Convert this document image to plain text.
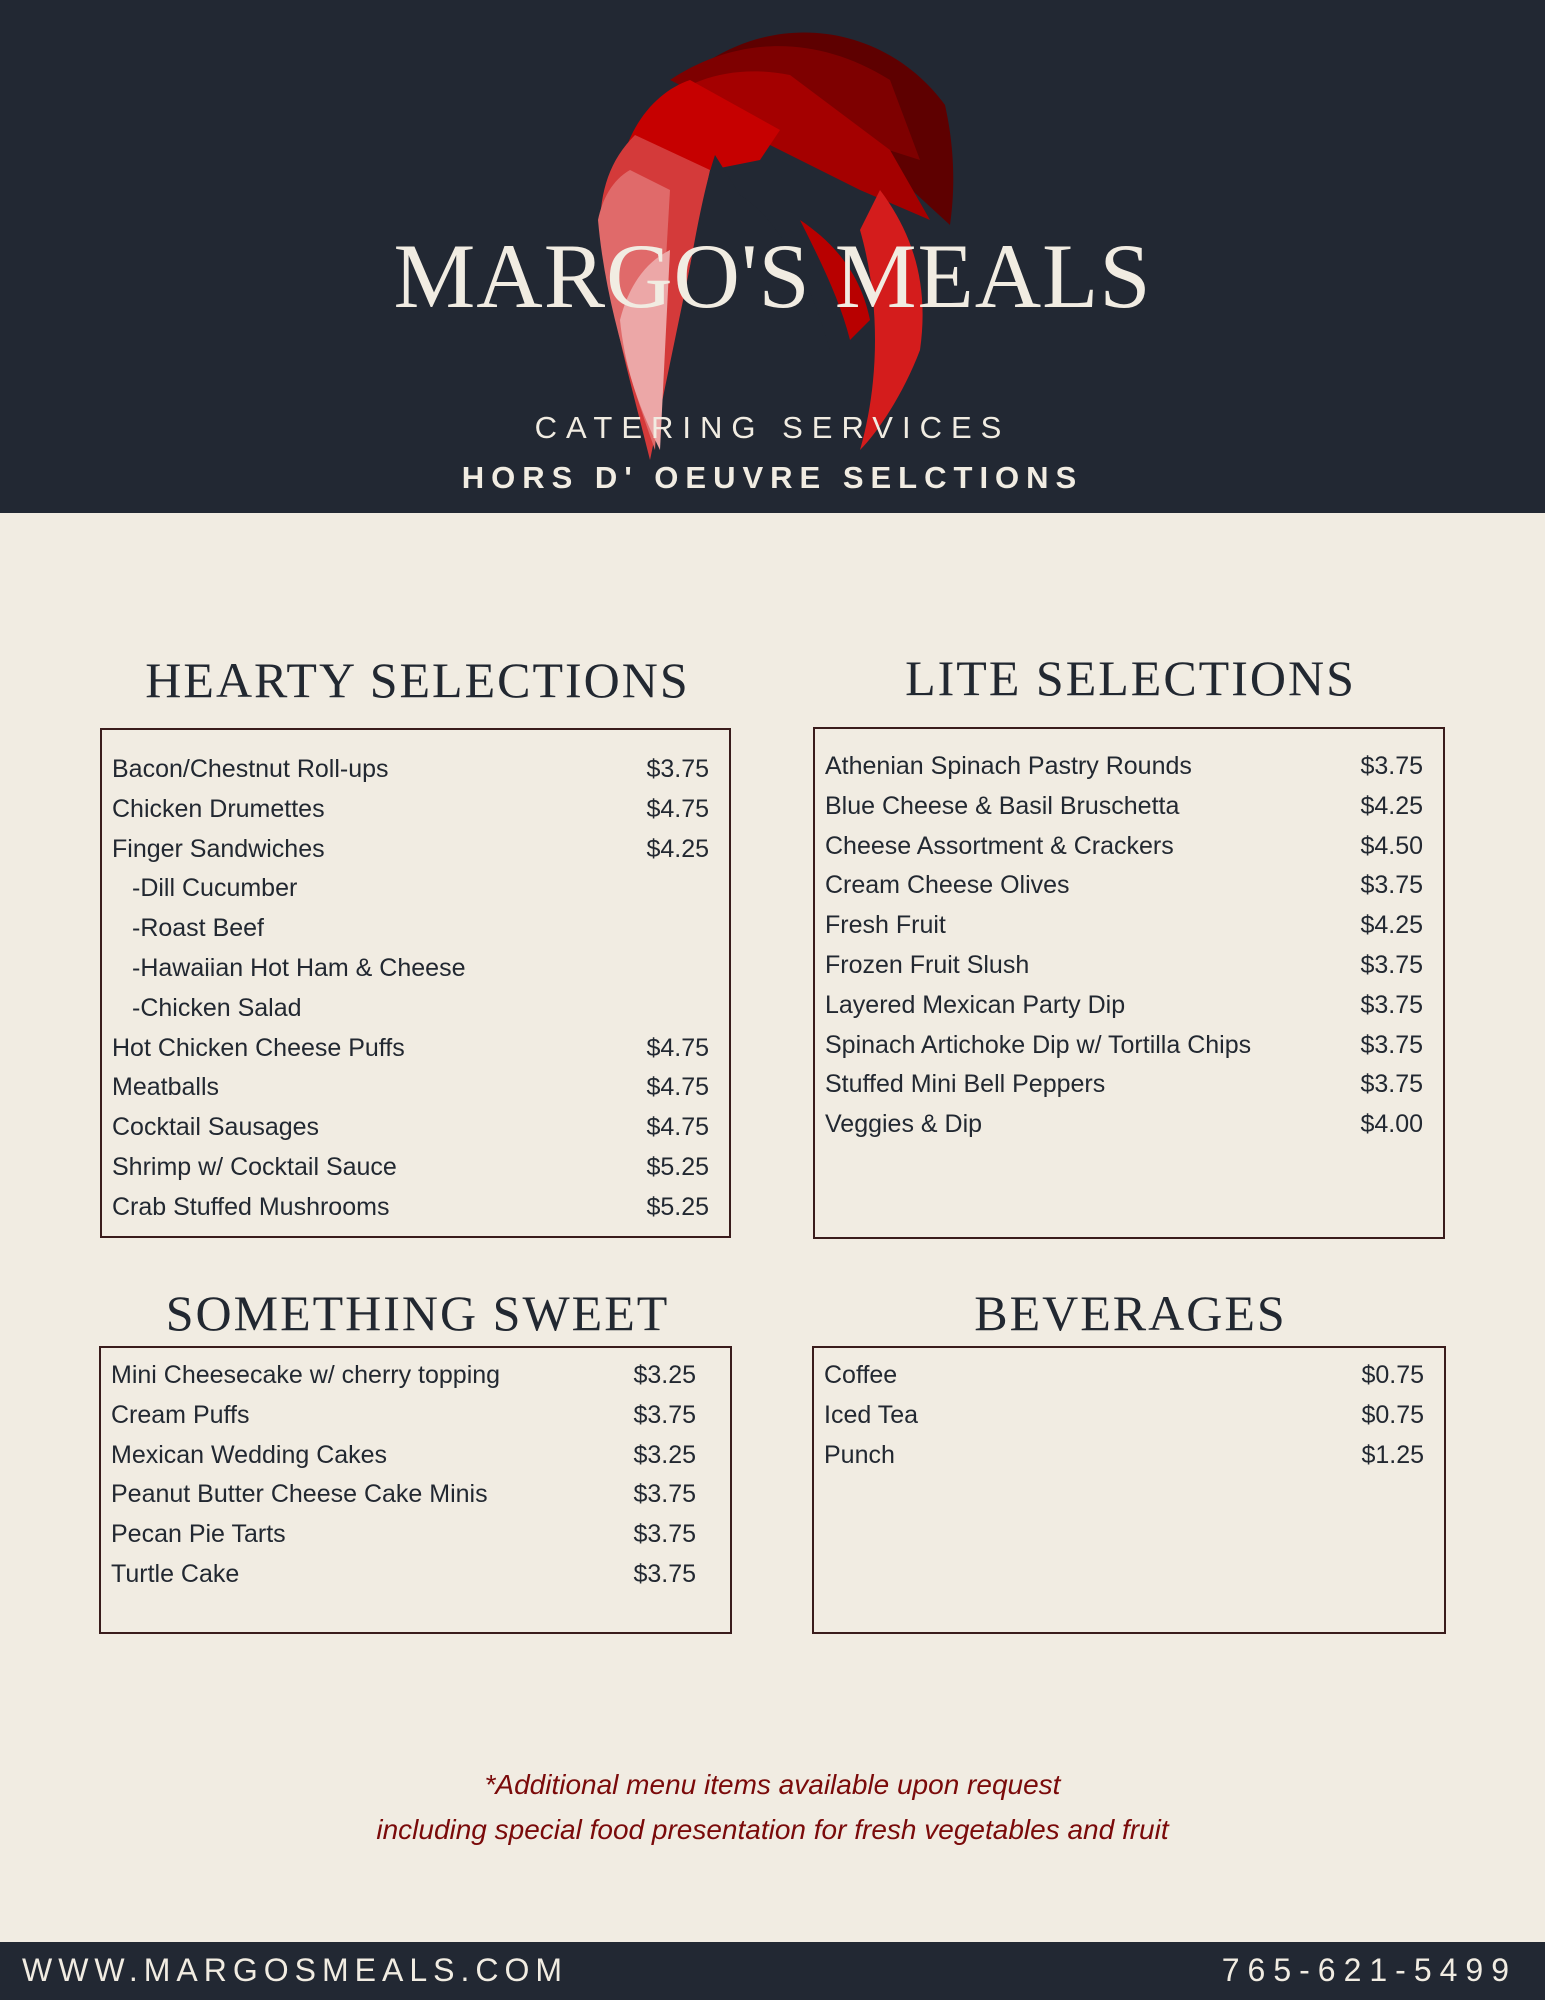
MARGO'S MEALS
CATERING SERVICES
HORS D' OEUVRE SELCTIONS
HEARTY SELECTIONS
Bacon/Chestnut Roll-ups	$3.75
Chicken Drumettes	$4.75
Finger Sandwiches	$4.25
-Dill Cucumber
-Roast Beef
-Hawaiian Hot Ham & Cheese
-Chicken Salad
Hot Chicken Cheese Puffs	$4.75
Meatballs	$4.75
Cocktail Sausages	$4.75
Shrimp w/ Cocktail Sauce	$5.25
Crab Stuffed Mushrooms	$5.25
LITE SELECTIONS
Athenian Spinach Pastry Rounds	$3.75
Blue Cheese & Basil Bruschetta	$4.25
Cheese Assortment & Crackers	$4.50
Cream Cheese Olives	$3.75
Fresh Fruit	$4.25
Frozen Fruit Slush	$3.75
Layered Mexican Party Dip	$3.75
Spinach Artichoke Dip w/ Tortilla Chips	$3.75
Stuffed Mini Bell Peppers	$3.75
Veggies & Dip	$4.00
SOMETHING SWEET
Mini Cheesecake w/ cherry topping	$3.25
Cream Puffs	$3.75
Mexican Wedding Cakes	$3.25
Peanut Butter Cheese Cake Minis	$3.75
Pecan Pie Tarts	$3.75
Turtle Cake	$3.75
BEVERAGES
Coffee	$0.75
Iced Tea	$0.75
Punch	$1.25
*Additional menu items available upon request
including special food presentation for fresh vegetables and fruit
WWW.MARGOSMEALS.COM	765-621-5499
